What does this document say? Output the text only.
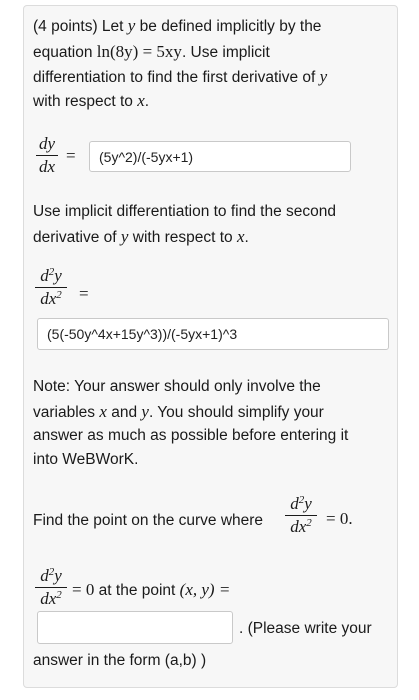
(4 points) Let y be defined implicitly by the
equation ln(8y) = 5xy. Use implicit
differentiation to find the first derivative of y
with respect to x.
dy
dx
=	(5y^2)/(-5yx+1)
Use implicit differentiation to find the second
derivative of y with respect to x.
$d^2y$
$dx^2$	=
(5(-50y^4x+15y^3))/(-5yx+1)^3
Note: Your answer should only involve the
variables x and y. You should simplify your
answer as much as possible before entering it
into WeBWorK.
Find the point on the curve where
$d^2y$
$dx^2 = 0$.
$d^2y$
$dx^2 = 0$ at the point (x, y) =
. (Please write your
answer in the form (a,b) )
